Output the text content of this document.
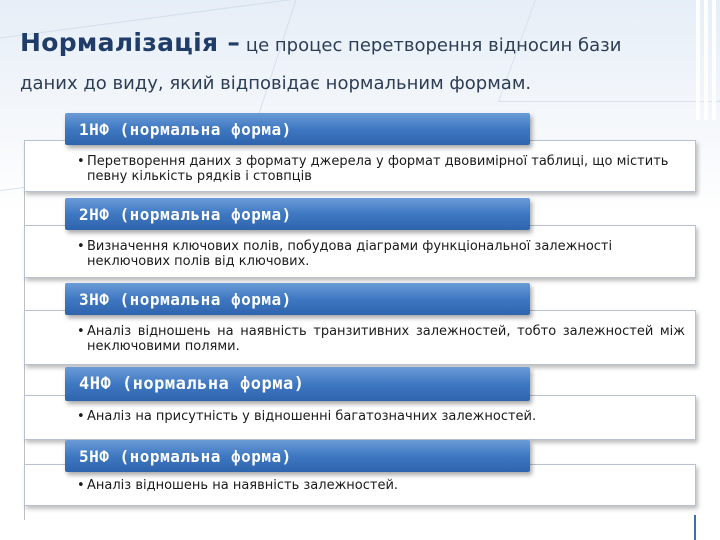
Нормалізація – це процес перетворення відносин бази
даних до виду, який відповідає нормальним формам.
• Перетворення даних з формату джерела у формат двовимірної таблиці, що містить певну кількість рядків і стовпців
1НФ (нормальна форма)
• Визначення ключових полів, побудова діаграми функціональної залежності неключових полів від ключових.
2НФ (нормальна форма)
• Аналіз відношень на наявність транзитивних залежностей, тобто залежностей між неключовими полями.
3НФ (нормальна форма)
• Аналіз на присутність у відношенні багатозначних залежностей.
4НФ (нормальна форма)
• Аналіз відношень на наявність залежностей.
5НФ (нормальна форма)
